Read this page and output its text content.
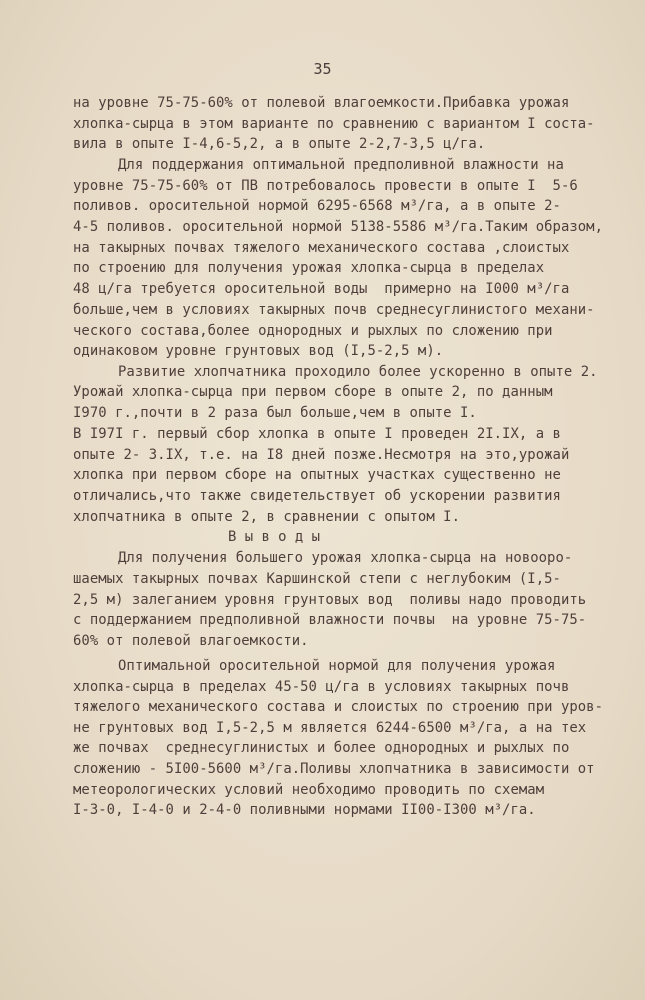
35
на уровне 75-75-60% от полевой влагоемкости.Прибавка урожая
хлопка-сырца в этом варианте по сравнению с вариантом I соста-
вила в опыте I-4,6-5,2, а в опыте 2-2,7-3,5 ц/га.
Для поддержания оптимальной предполивной влажности на
уровне 75-75-60% от ПВ потребовалось провести в опыте I  5-6
поливов. оросительной нормой 6295-6568 м³/га, а в опыте 2-
4-5 поливов. оросительной нормой 5138-5586 м³/га.Таким образом,
на такырных почвах тяжелого механического состава ,слоистых
по строению для получения урожая хлопка-сырца в пределах
48 ц/га требуется оросительной воды  примерно на I000 м³/га
больше,чем в условиях такырных почв среднесуглинистого механи-
ческого состава,более однородных и рыхлых по сложению при
одинаковом уровне грунтовых вод (I,5-2,5 м).
Развитие хлопчатника проходило более ускоренно в опыте 2.
Урожай хлопка-сырца при первом сборе в опыте 2, по данным
I970 г.,почти в 2 раза был больше,чем в опыте I.
В I97I г. первый сбор хлопка в опыте I проведен 2I.IX, а в
опыте 2- 3.IX, т.е. на I8 дней позже.Несмотря на это,урожай
хлопка при первом сборе на опытных участках существенно не
отличались,что также свидетельствует об ускорении развития
хлопчатника в опыте 2, в сравнении с опытом I.
В ы в о д ы
Для получения большего урожая хлопка-сырца на новоoро-
шаемых такырных почвах Каршинской степи с неглубоким (I,5-
2,5 м) залеганием уровня грунтовых вод  поливы надо проводить
с поддержанием предполивной влажности почвы  на уровне 75-75-
60% от полевой влагоемкости.
Оптимальной оросительной нормой для получения урожая
хлопка-сырца в пределах 45-50 ц/га в условиях такырных почв
тяжелого механического состава и слоистых по строению при уров-
не грунтовых вод I,5-2,5 м является 6244-6500 м³/га, а на тех
же почвах  среднесуглинистых и более однородных и рыхлых по
сложению - 5I00-5600 м³/га.Поливы хлопчатника в зависимости от
метеорологических условий необходимо проводить по схемам
I-3-0, I-4-0 и 2-4-0 поливными нормами II00-I300 м³/га.
